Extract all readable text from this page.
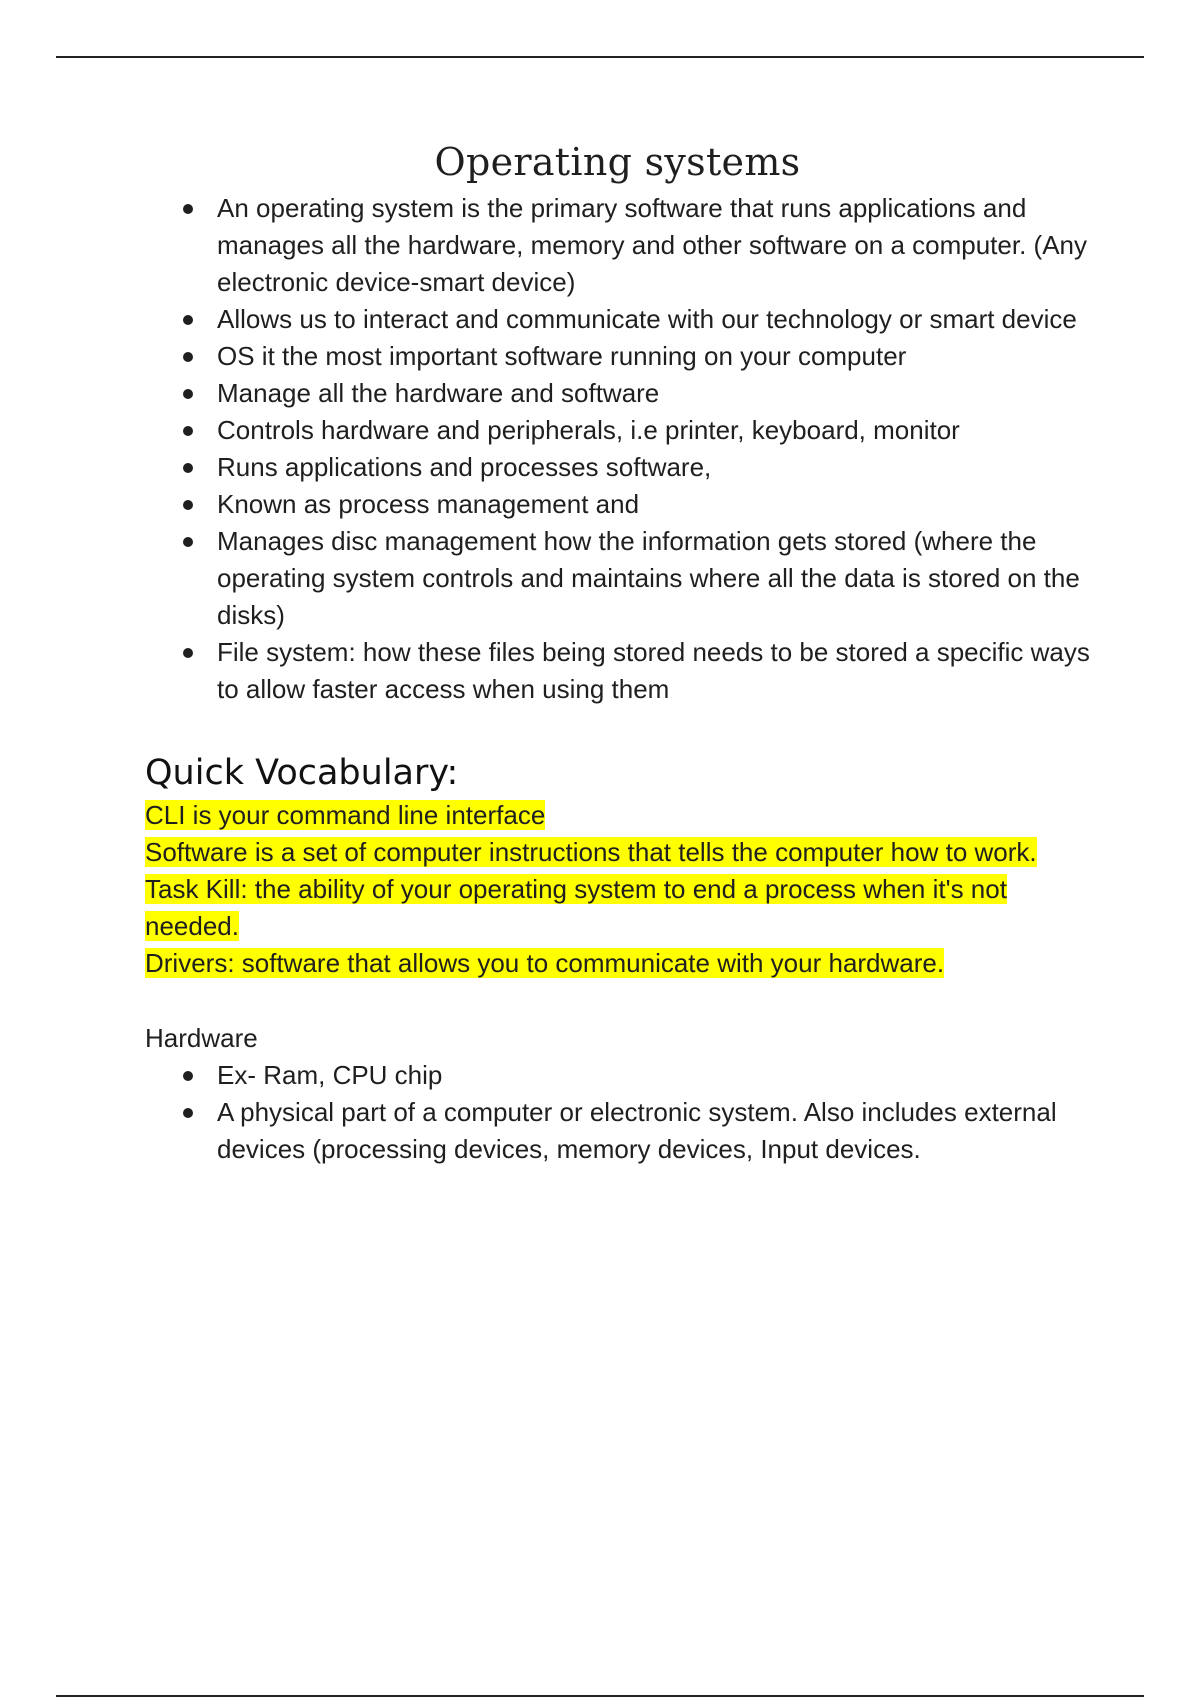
Operating systems
An operating system is the primary software that runs applications and manages all the hardware, memory and other software on a computer. (Any electronic device-smart device)
Allows us to interact and communicate with our technology or smart device
OS it the most important software running on your computer
Manage all the hardware and software
Controls hardware and peripherals, i.e printer, keyboard, monitor
Runs applications and processes software,
Known as process management and
Manages disc management how the information gets stored (where the operating system controls and maintains where all the data is stored on the disks)
File system: how these files being stored needs to be stored a specific ways to allow faster access when using them
Quick Vocabulary:

CLI is your command line interface

Software is a set of computer instructions that tells the computer how to work.

Task Kill: the ability of your operating system to end a process when it's not needed.

Drivers: software that allows you to communicate with your hardware.

Hardware

Ex- Ram, CPU chip
A physical part of a computer or electronic system. Also includes external devices (processing devices, memory devices, Input devices.
